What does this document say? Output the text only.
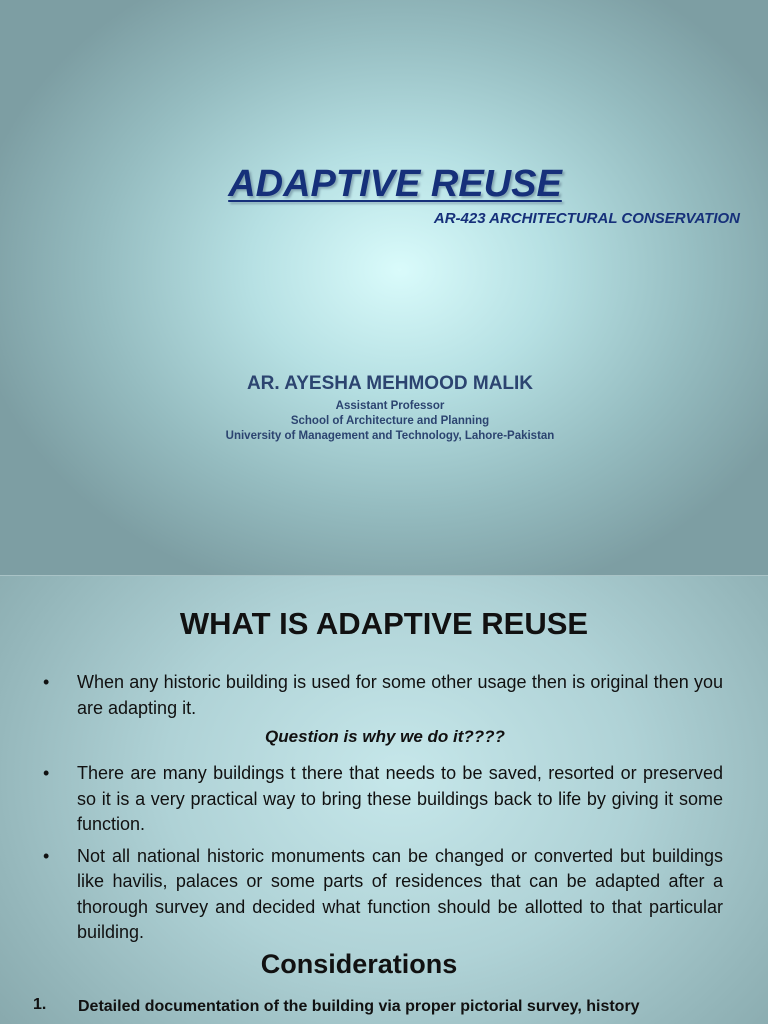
ADAPTIVE REUSE
AR-423 ARCHITECTURAL CONSERVATION
AR. AYESHA MEHMOOD MALIK
Assistant Professor
School of Architecture and Planning
University of Management and Technology, Lahore-Pakistan
WHAT IS ADAPTIVE REUSE
•	When any historic building is used for some other usage then is original then you are adapting it.
•	There are many buildings t there that needs to be saved, resorted or preserved so it is a very practical way to bring these buildings back to life by giving it some function.
•	Not all national historic monuments can be changed or converted but buildings like havilis, palaces or some parts of residences that can be adapted after a thorough survey and decided what function should be allotted to that particular building.
Question is why we do it????
Considerations
1.	Detailed documentation of the building via proper pictorial survey, history
